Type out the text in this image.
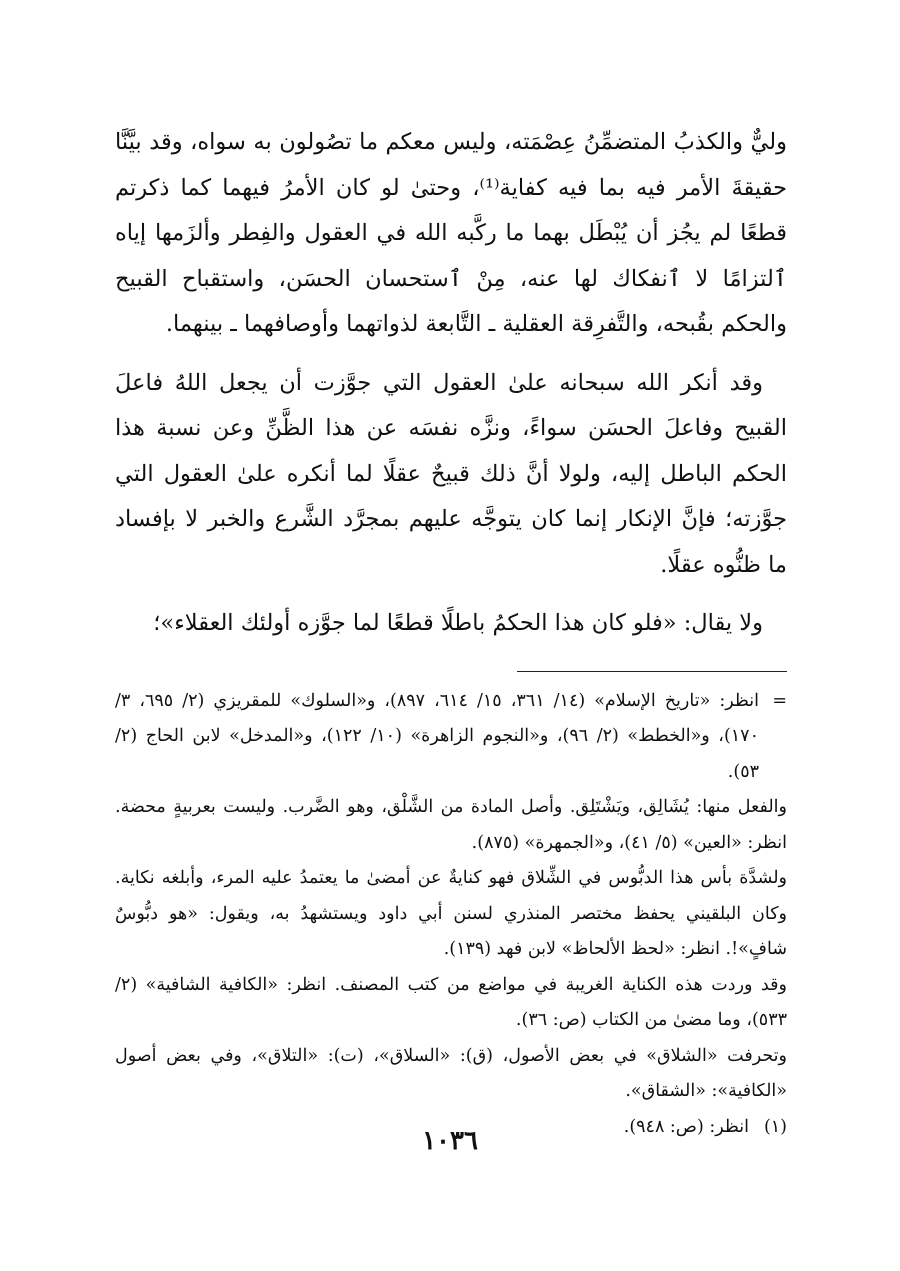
وليٌّ والكذبُ المتضمِّنُ عِصْمَته، وليس معكم ما تصُولون به سواه، وقد بيَّنَّا حقيقةَ الأمر فيه بما فيه كفاية⁽¹⁾، وحتىٰ لو كان الأمرُ فيهما كما ذكرتم قطعًا لم يجُز أن يُبْطَل بهما ما ركَّبه الله في العقول والفِطر وألزَمها إياه ٱلتزامًا لا ٱنفكاك لها عنه، مِنْ ٱستحسان الحسَن، واستقباح القبيح والحكم بقُبحه، والتَّفرِقة العقلية ـ التَّابعة لذواتهما وأوصافهما ـ بينهما.

وقد أنكر الله سبحانه علىٰ العقول التي جوَّزت أن يجعل اللهُ فاعلَ القبيح وفاعلَ الحسَن سواءً، ونزَّه نفسَه عن هذا الظَّنِّ وعن نسبة هذا الحكم الباطل إليه، ولولا أنَّ ذلك قبيحٌ عقلًا لما أنكره علىٰ العقول التي جوَّزته؛ فإنَّ الإنكار إنما كان يتوجَّه عليهم بمجرَّد الشَّرع والخبر لا بإفساد ما ظنُّوه عقلًا.

ولا يقال: «فلو كان هذا الحكمُ باطلًا قطعًا لما جوَّزه أولئك العقلاء»؛

=

انظر: «تاريخ الإسلام» (١٤/ ٣٦١، ١٥/ ٦١٤، ٨٩٧)، و«السلوك» للمقريزي (٢/ ٦٩٥، ٣/ ١٧٠)، و«الخطط» (٢/ ٩٦)، و«النجوم الزاهرة» (١٠/ ١٢٢)، و«المدخل» لابن الحاج (٢/ ٥٣).

والفعل منها: يُشَالِق، ويَشْتَلِق. وأصل المادة من الشَّلْق، وهو الضَّرب. وليست بعربيةٍ محضة. انظر: «العين» (٥/ ٤١)، و«الجمهرة» (٨٧٥).

ولشدَّة بأس هذا الدبُّوس في الشِّلاق فهو كنايةٌ عن أمضىٰ ما يعتمدُ عليه المرء، وأبلغه نكاية. وكان البلقيني يحفظ مختصر المنذري لسنن أبي داود ويستشهدُ به، ويقول: «هو دبُّوسٌ شافٍ»!. انظر: «لحظ الألحاظ» لابن فهد (١٣٩).

وقد وردت هذه الكناية الغريبة في مواضع من كتب المصنف. انظر: «الكافية الشافية» (٢/ ٥٣٣)، وما مضىٰ من الكتاب (ص: ٣٦).

وتحرفت «الشلاق» في بعض الأصول، (ق): «السلاق»، (ت): «التلاق»، وفي بعض أصول «الكافية»: «الشقاق».

(١)

انظر: (ص: ٩٤٨).

١٠٣٦
